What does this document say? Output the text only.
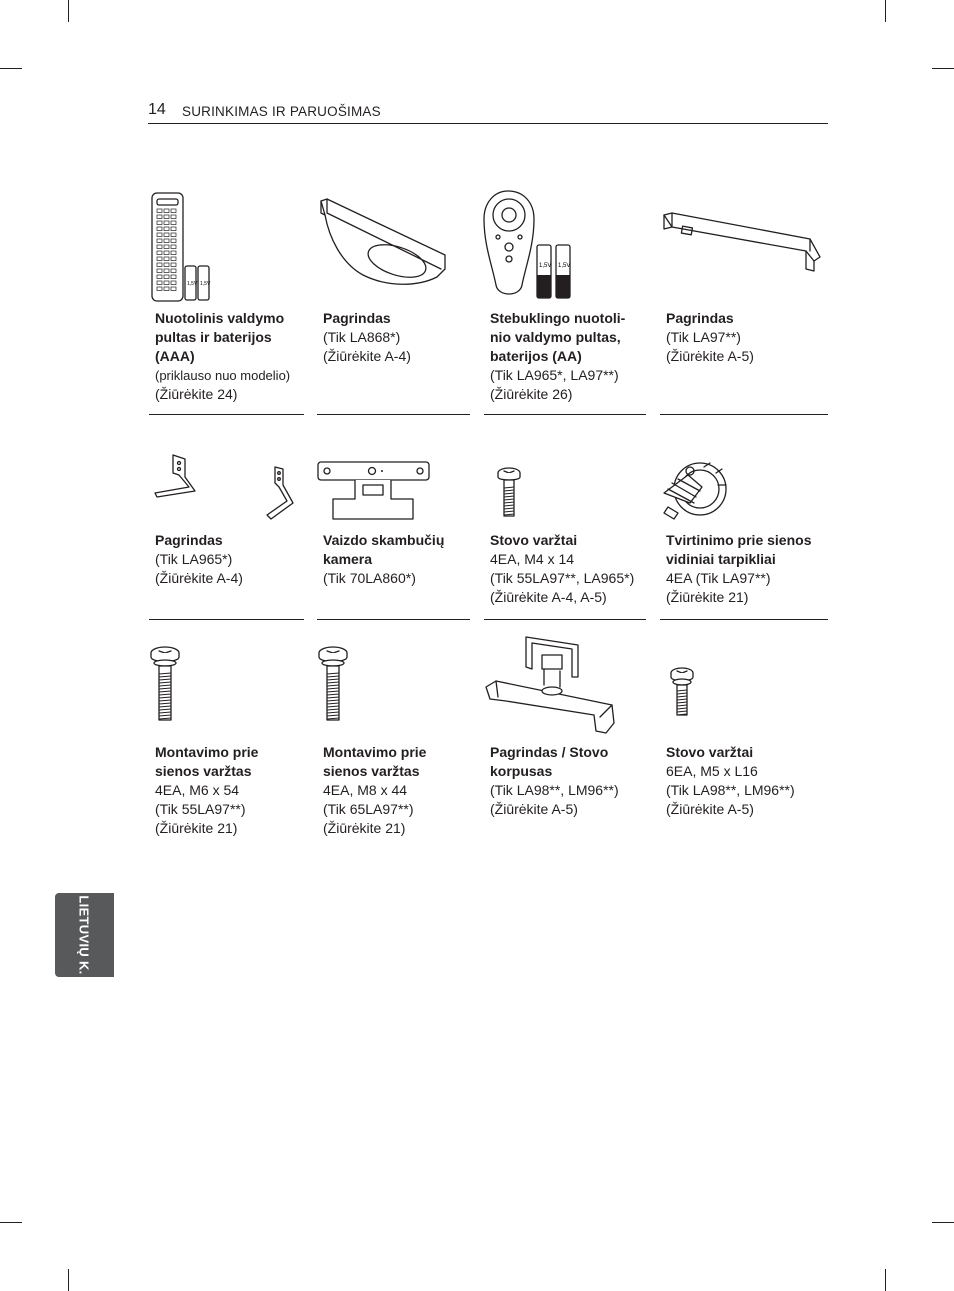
14 SURINKIMAS IR PARUOŠIMAS
1,5V 1,5V
Nuotolinis valdymo
pultas ir baterijos
(AAA)
(priklauso nuo modelio)
(Žiūrėkite 24)
Pagrindas
(Tik LA868*)
(Žiūrėkite A-4)
1,5V 1,5V
Stebuklingo nuotoli-
nio valdymo pultas,
baterijos (AA)
(Tik LA965*, LA97**)
(Žiūrėkite 26)
Pagrindas
(Tik LA97**)
(Žiūrėkite A-5)
Pagrindas
(Tik LA965*)
(Žiūrėkite A-4)
Vaizdo skambučių
kamera
(Tik 70LA860*)
Stovo varžtai
4EA, M4 x 14
(Tik 55LA97**, LA965*)
(Žiūrėkite A-4, A-5)
Tvirtinimo prie sienos
vidiniai tarpikliai
4EA (Tik LA97**)
(Žiūrėkite 21)
Montavimo prie
sienos varžtas
4EA, M6 x 54
(Tik 55LA97**)
(Žiūrėkite 21)
Montavimo prie
sienos varžtas
4EA, M8 x 44
(Tik 65LA97**)
(Žiūrėkite 21)
Pagrindas / Stovo
korpusas
(Tik LA98**, LM96**)
(Žiūrėkite A-5)
Stovo varžtai
6EA, M5 x L16
(Tik LA98**, LM96**)
(Žiūrėkite A-5)
LIETUVIŲ K.
